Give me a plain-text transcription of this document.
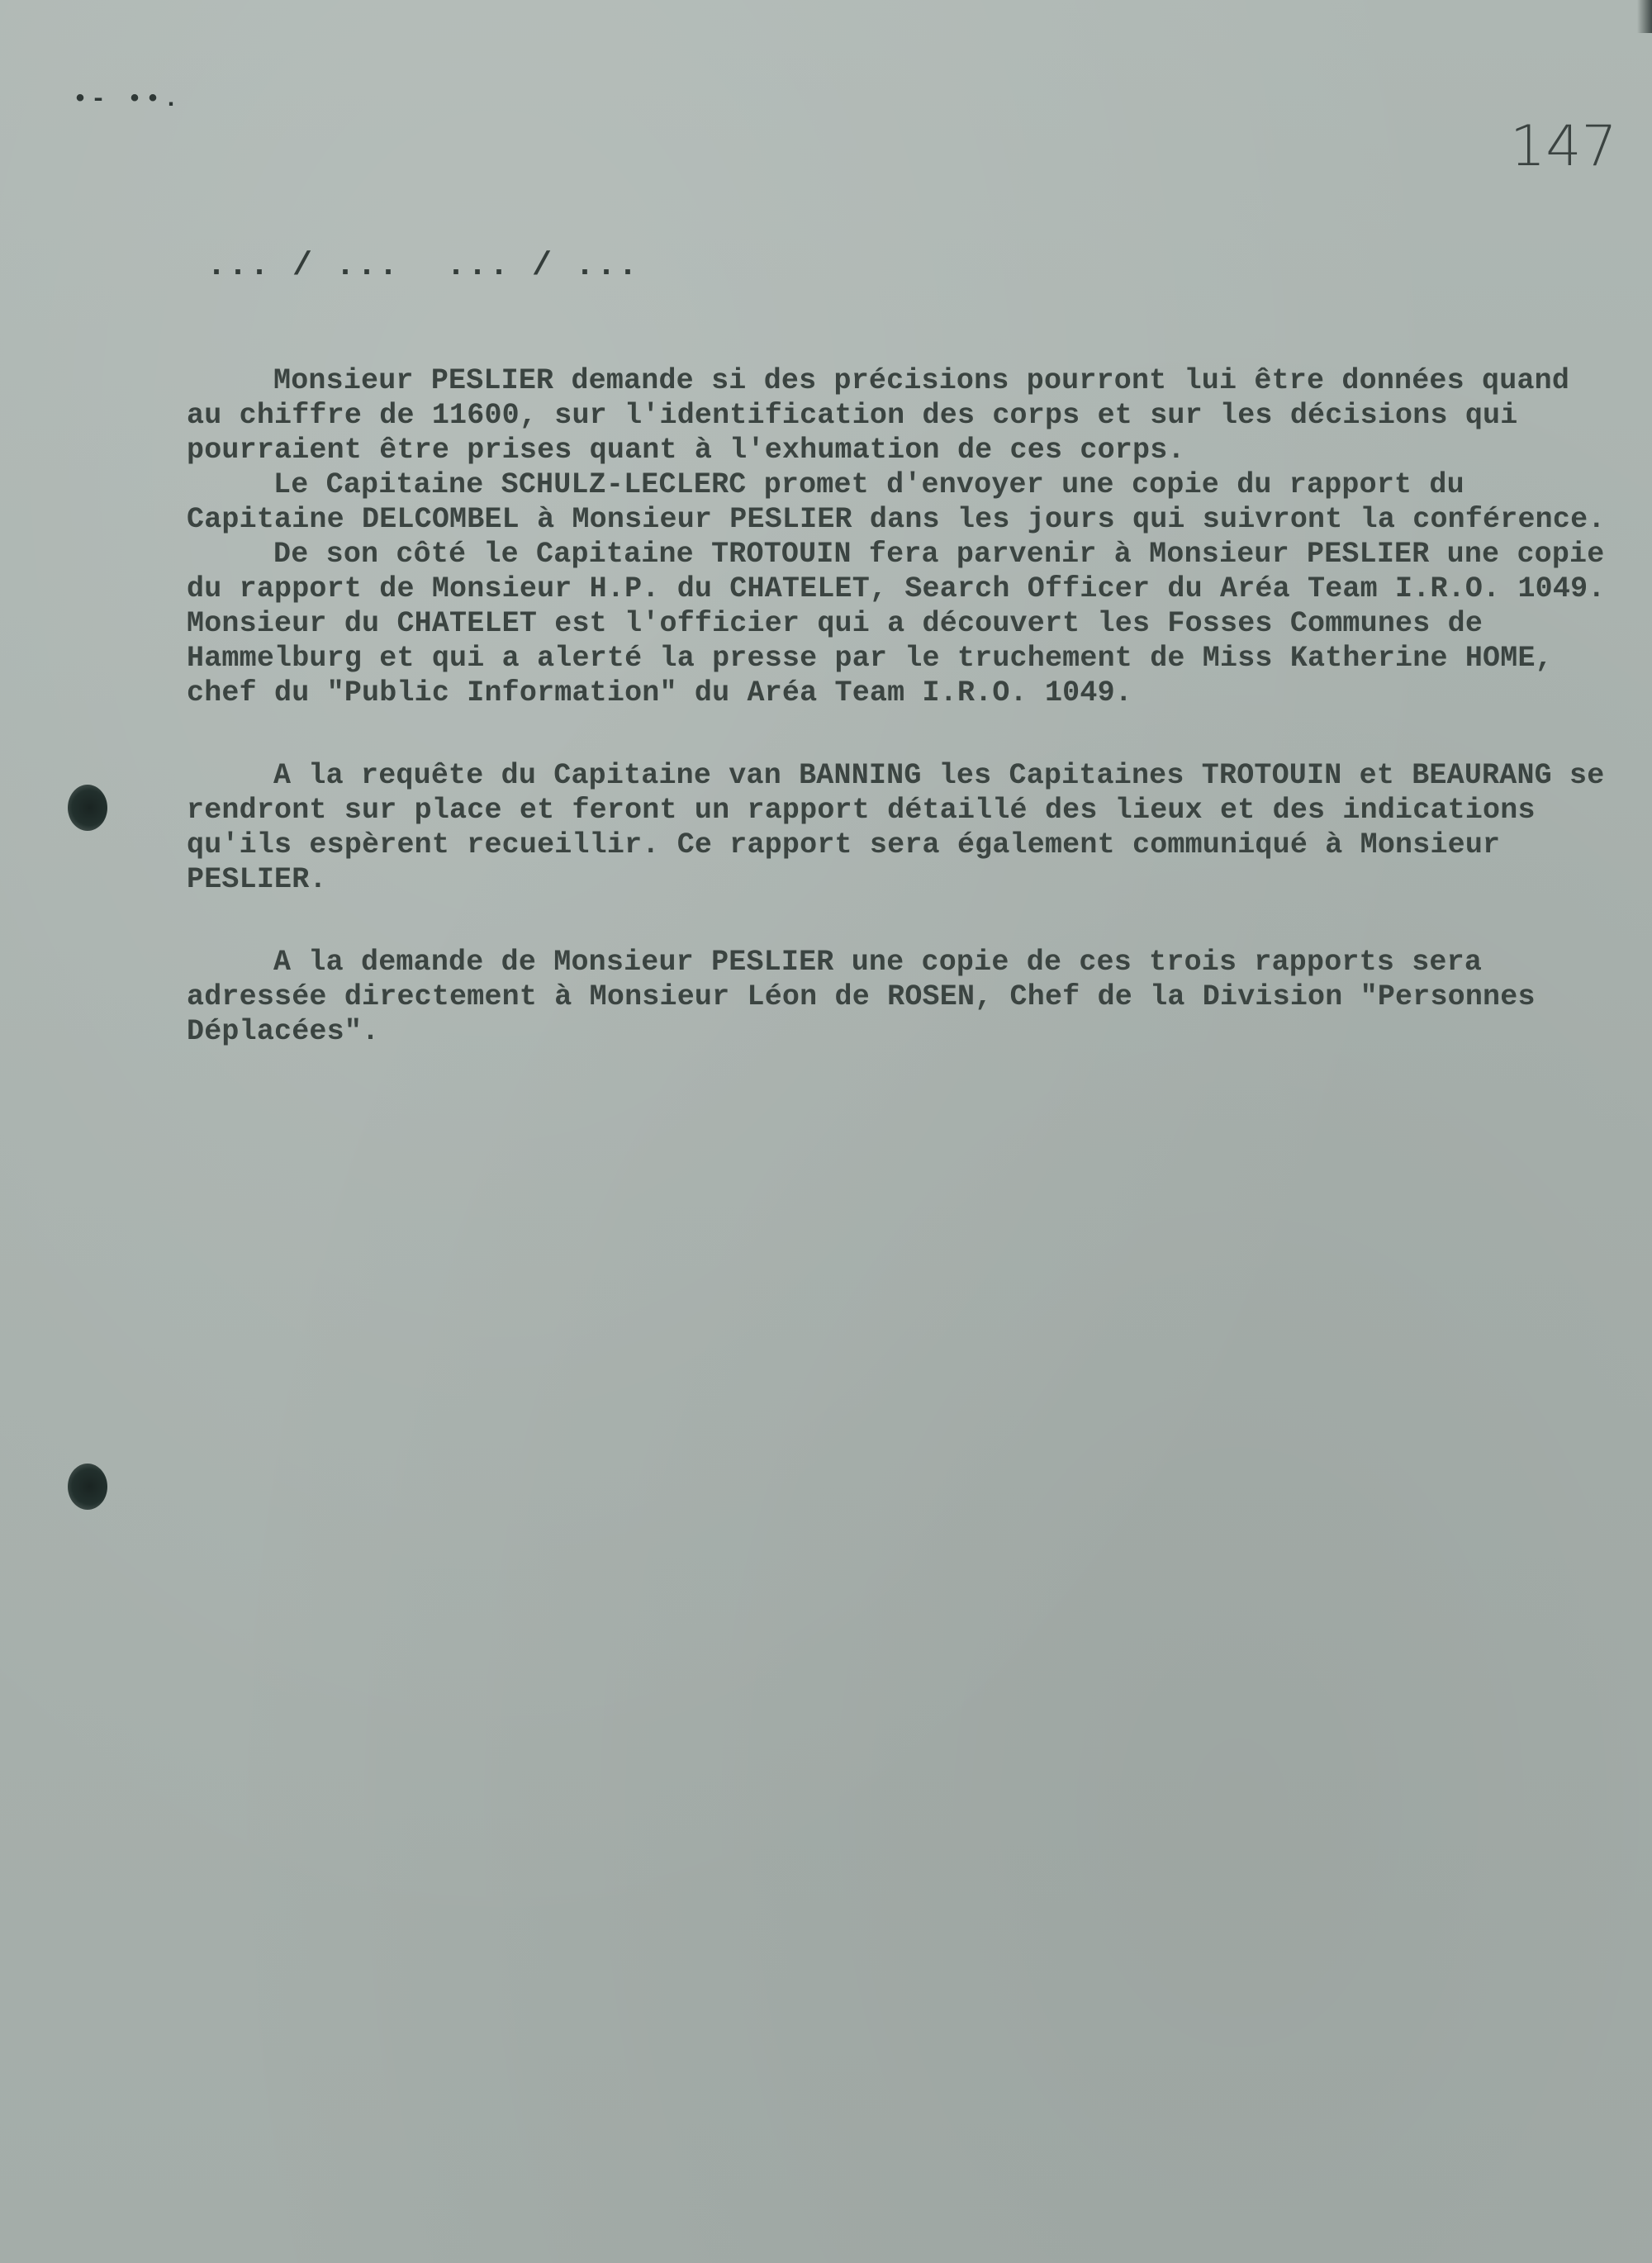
•- ••.
147
... / ... ... / ...

Monsieur PESLIER demande si des précisions pourront lui être données quand au chiffre de 11600, sur l'identification des corps et sur les décisions qui pourraient être prises quant à l'exhumation de ces corps.

Le Capitaine SCHULZ-LECLERC promet d'envoyer une copie du rapport du Capitaine DELCOMBEL à Monsieur PESLIER dans les jours qui suivront la conférence.

De son côté le Capitaine TROTOUIN fera parvenir à Monsieur PESLIER une copie du rapport de Monsieur H.P. du CHATELET, Search Officer du Aréa Team I.R.O. 1049. Monsieur du CHATELET est l'officier qui a découvert les Fosses Communes de Hammelburg et qui a alerté la presse par le truchement de Miss Katherine HOME, chef du "Public Information" du Aréa Team I.R.O. 1049.

A la requête du Capitaine van BANNING les Capitaines TROTOUIN et BEAURANG se rendront sur place et feront un rapport détaillé des lieux et des indications qu'ils espèrent recueillir. Ce rapport sera également communiqué à Monsieur PESLIER.

A la demande de Monsieur PESLIER une copie de ces trois rapports sera adressée directement à Monsieur Léon de ROSEN, Chef de la Division "Personnes Déplacées".
